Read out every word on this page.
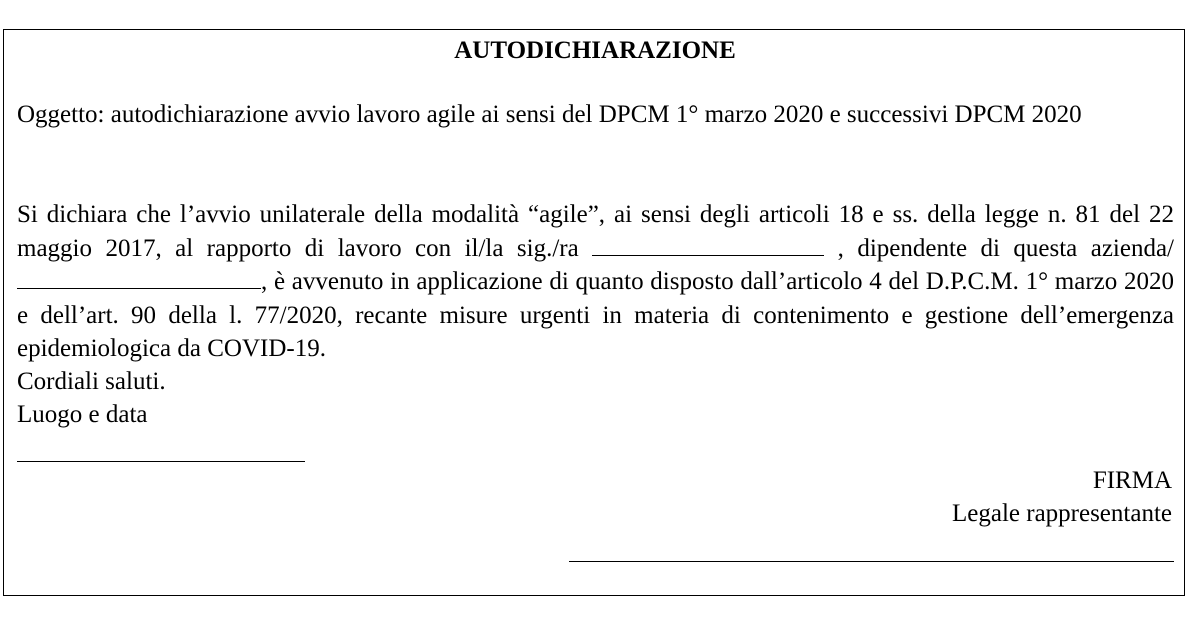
AUTODICHIARAZIONE

Oggetto: autodichiarazione avvio lavoro agile ai sensi del DPCM 1° marzo 2020 e successivi DPCM 2020

Si dichiara che l’avvio unilaterale della modalità “agile”, ai sensi degli articoli 18 e ss. della legge n. 81 del 22 maggio 2017, al rapporto di lavoro con il/la sig./ra	, dipendente di questa azienda/, è avvenuto in applicazione di quanto disposto dall’articolo 4 del D.P.C.M. 1° marzo 2020 e dell’art. 90 della l. 77/2020, recante misure urgenti in materia di contenimento e gestione dell’emergenza epidemiologica da COVID-19.

Cordiali saluti.

Luogo e data

FIRMA

Legale rappresentante
